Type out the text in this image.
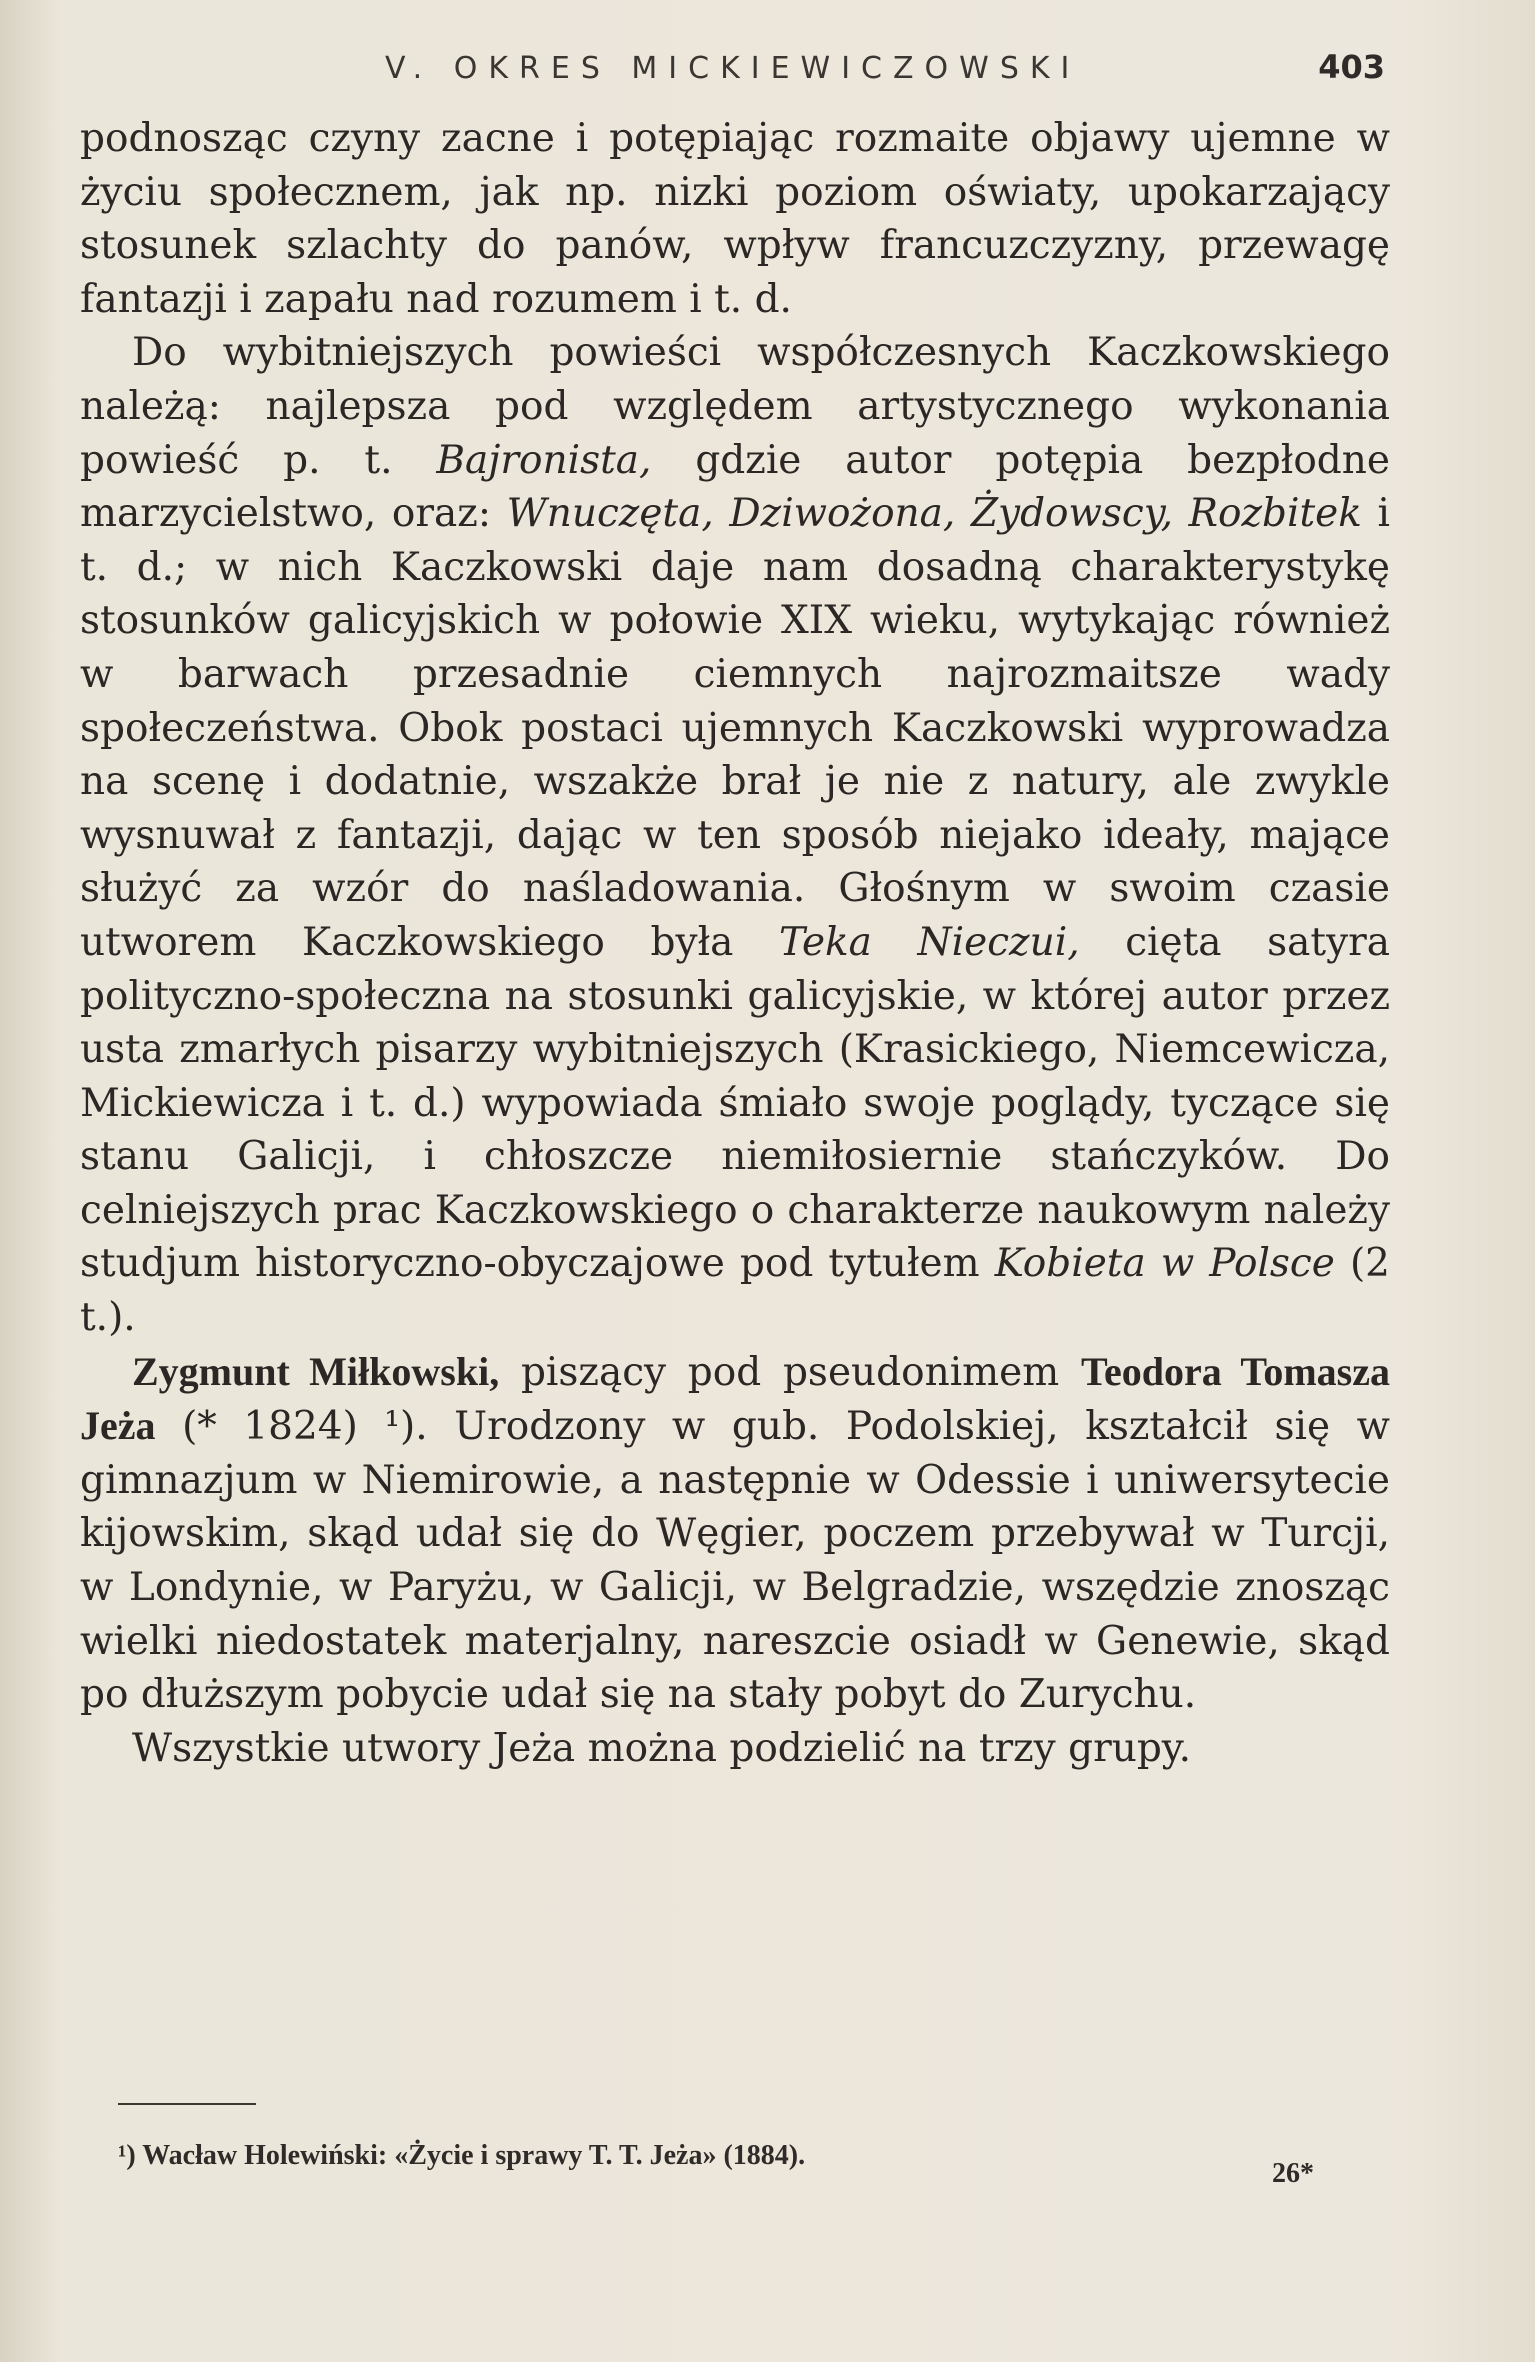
V. OKRES MICKIEWICZOWSKI	403

podnosząc czyny zacne i potępiając rozmaite objawy ujemne w życiu społecznem, jak np. nizki poziom oświaty, upokarzający stosunek szlachty do panów, wpływ francuzczyzny, przewagę fantazji i zapału nad rozumem i t. d.

Do wybitniejszych powieści współczesnych Kaczkowskiego należą: najlepsza pod względem artystycznego wykonania powieść p. t. Bajronista, gdzie autor potępia bezpłodne marzycielstwo, oraz: Wnuczęta, Dziwożona, Żydowscy, Rozbitek i t. d.; w nich Kaczkowski daje nam dosadną charakterystykę stosunków galicyjskich w połowie XIX wieku, wytykając również w barwach przesadnie ciemnych najrozmaitsze wady społeczeństwa. Obok postaci ujemnych Kaczkowski wyprowadza na scenę i dodatnie, wszakże brał je nie z natury, ale zwykle wysnuwał z fantazji, dając w ten sposób niejako ideały, mające służyć za wzór do naśladowania. Głośnym w swoim czasie utworem Kaczkowskiego była Teka Nieczui, cięta satyra polityczno-społeczna na stosunki galicyjskie, w której autor przez usta zmarłych pisarzy wybitniejszych (Krasickiego, Niemcewicza, Mickiewicza i t. d.) wypowiada śmiało swoje poglądy, tyczące się stanu Galicji, i chłoszcze niemiłosiernie stańczyków. Do celniejszych prac Kaczkowskiego o charakterze naukowym należy studjum historyczno-obyczajowe pod tytułem Kobieta w Polsce (2 t.).

Zygmunt Miłkowski, piszący pod pseudonimem Teodora Tomasza Jeża (* 1824) ¹). Urodzony w gub. Podolskiej, kształcił się w gimnazjum w Niemirowie, a następnie w Odessie i uniwersytecie kijowskim, skąd udał się do Węgier, poczem przebywał w Turcji, w Londynie, w Paryżu, w Galicji, w Belgradzie, wszędzie znosząc wielki niedostatek materjalny, nareszcie osiadł w Genewie, skąd po dłuższym pobycie udał się na stały pobyt do Zurychu.

Wszystkie utwory Jeża można podzielić na trzy grupy.

¹) Wacław Holewiński: «Życie i sprawy T. T. Jeża» (1884).
26*
